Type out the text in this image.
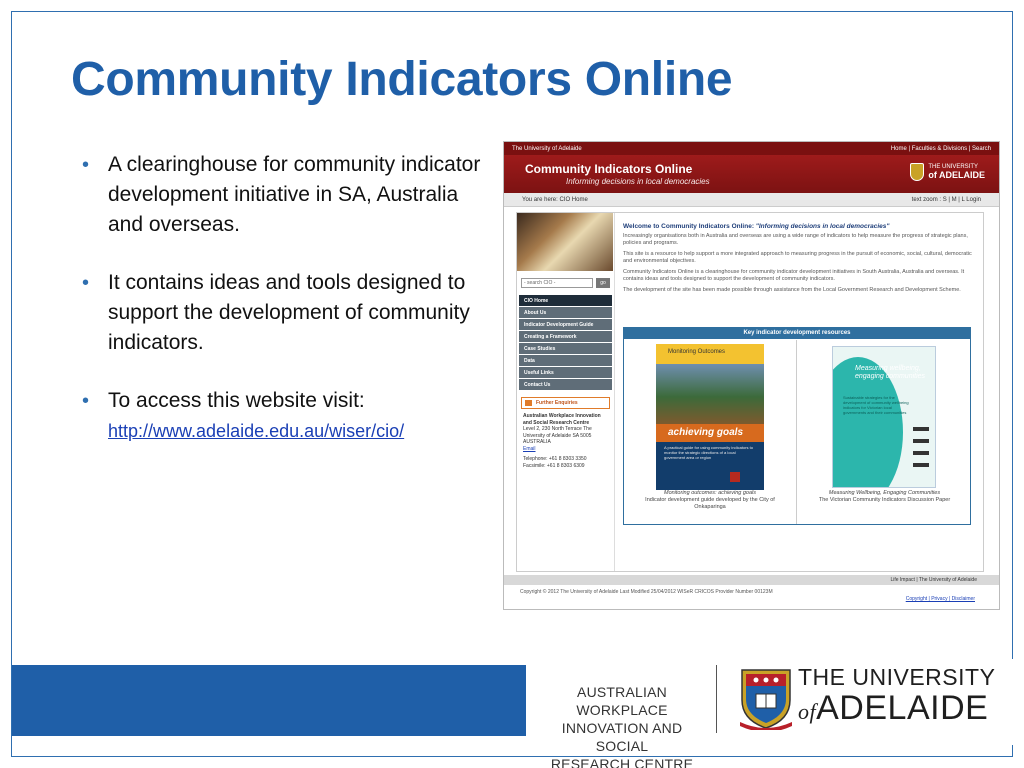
Community Indicators Online
• A clearinghouse for community indicator development initiative in SA, Australia and overseas.
• It contains ideas and tools designed to support the development of community indicators.
• To access this website visit:
http://www.adelaide.edu.au/wiser/cio/
The University of Adelaide	Home | Faculties & Divisions | Search
Community Indicators Online
Informing decisions in local democracies
THE UNIVERSITY
of ADELAIDE
You are here: CIO Home	text zoom : S | M | L Login
- search CIO -	go
CIO Home
About Us
Indicator Development Guide
Creating a Framework
Case Studies
Data
Useful Links
Contact Us
Further Enquiries
Australian Workplace Innovation and Social Research Centre
Level 2, 230 North Terrace The University of Adelaide SA 5005 AUSTRALIA
Email
Telephone: +61 8 8303 3350 Facsimile: +61 8 8303 6309
Welcome to Community Indicators Online: "Informing decisions in local democracies"

Increasingly organisations both in Australia and overseas are using a wide range of indicators to help measure the progress of strategic plans, policies and programs.

This site is a resource to help support a more integrated approach to measuring progress in the pursuit of economic, social, cultural, democratic and environmental objectives.

Community Indicators Online is a clearinghouse for community indicator development initiatives in South Australia, Australia and overseas. It contains ideas and tools designed to support the development of community indicators.

The development of the site has been made possible through assistance from the Local Government Research and Development Scheme.

Key indicator development resources
Monitoring Outcomes
achieving goals
A practical guide for using community indicators to monitor the strategic directions of a local government area or region
Monitoring outcomes: achieving goals
Indicator development guide developed by the City of Onkaparinga
Measuring wellbeing, engaging communities
Sustainable strategies for the development of community wellbeing indicators for Victorian local governments and their communities
Measuring Wellbeing, Engaging Communities
The Victorian Community Indicators Discussion Paper
Life Impact | The University of Adelaide
Copyright © 2012 The University of Adelaide Last Modified 25/04/2012 WISeR CRICOS Provider Number 00123M
Copyright | Privacy | Disclaimer
AUSTRALIAN WORKPLACE
INNOVATION AND SOCIAL
RESEARCH CENTRE
THE UNIVERSITY
ofADELAIDE
